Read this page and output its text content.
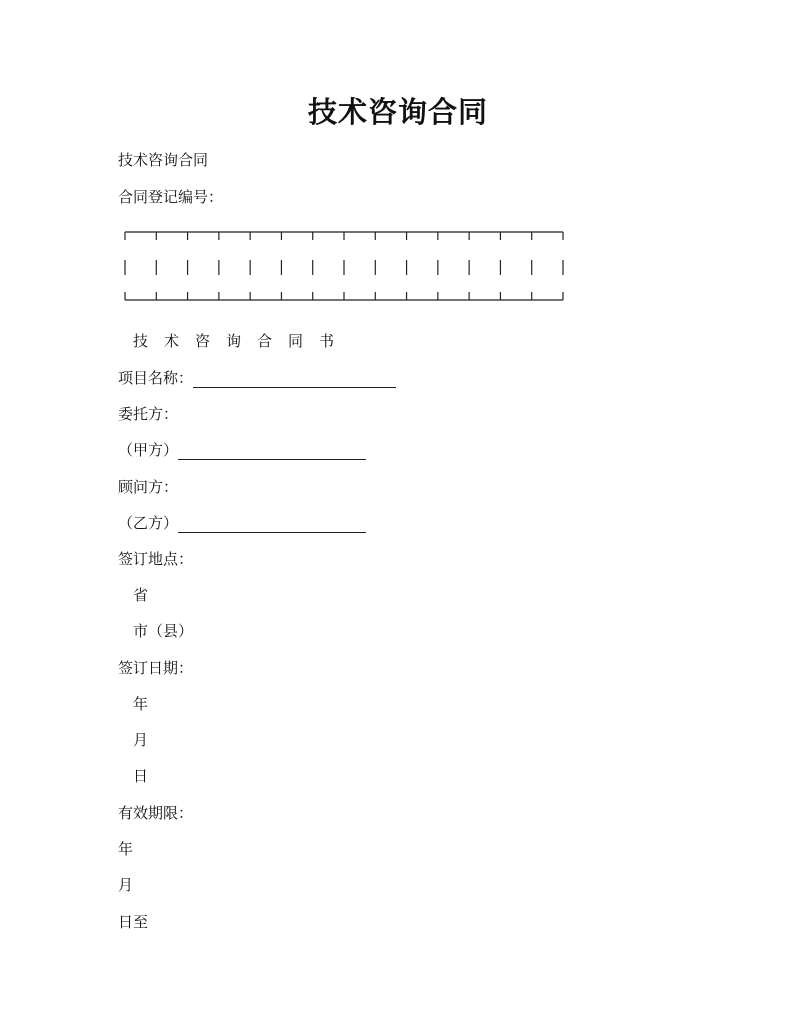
技术咨询合同
技术咨询合同
合同登记编号：
技 术 咨 询 合 同 书
项目名称：
委托方：
（甲方）
顾问方：
（乙方）
签订地点：
省
市（县）
签订日期：
年
月
日
有效期限：
年
月
日至
